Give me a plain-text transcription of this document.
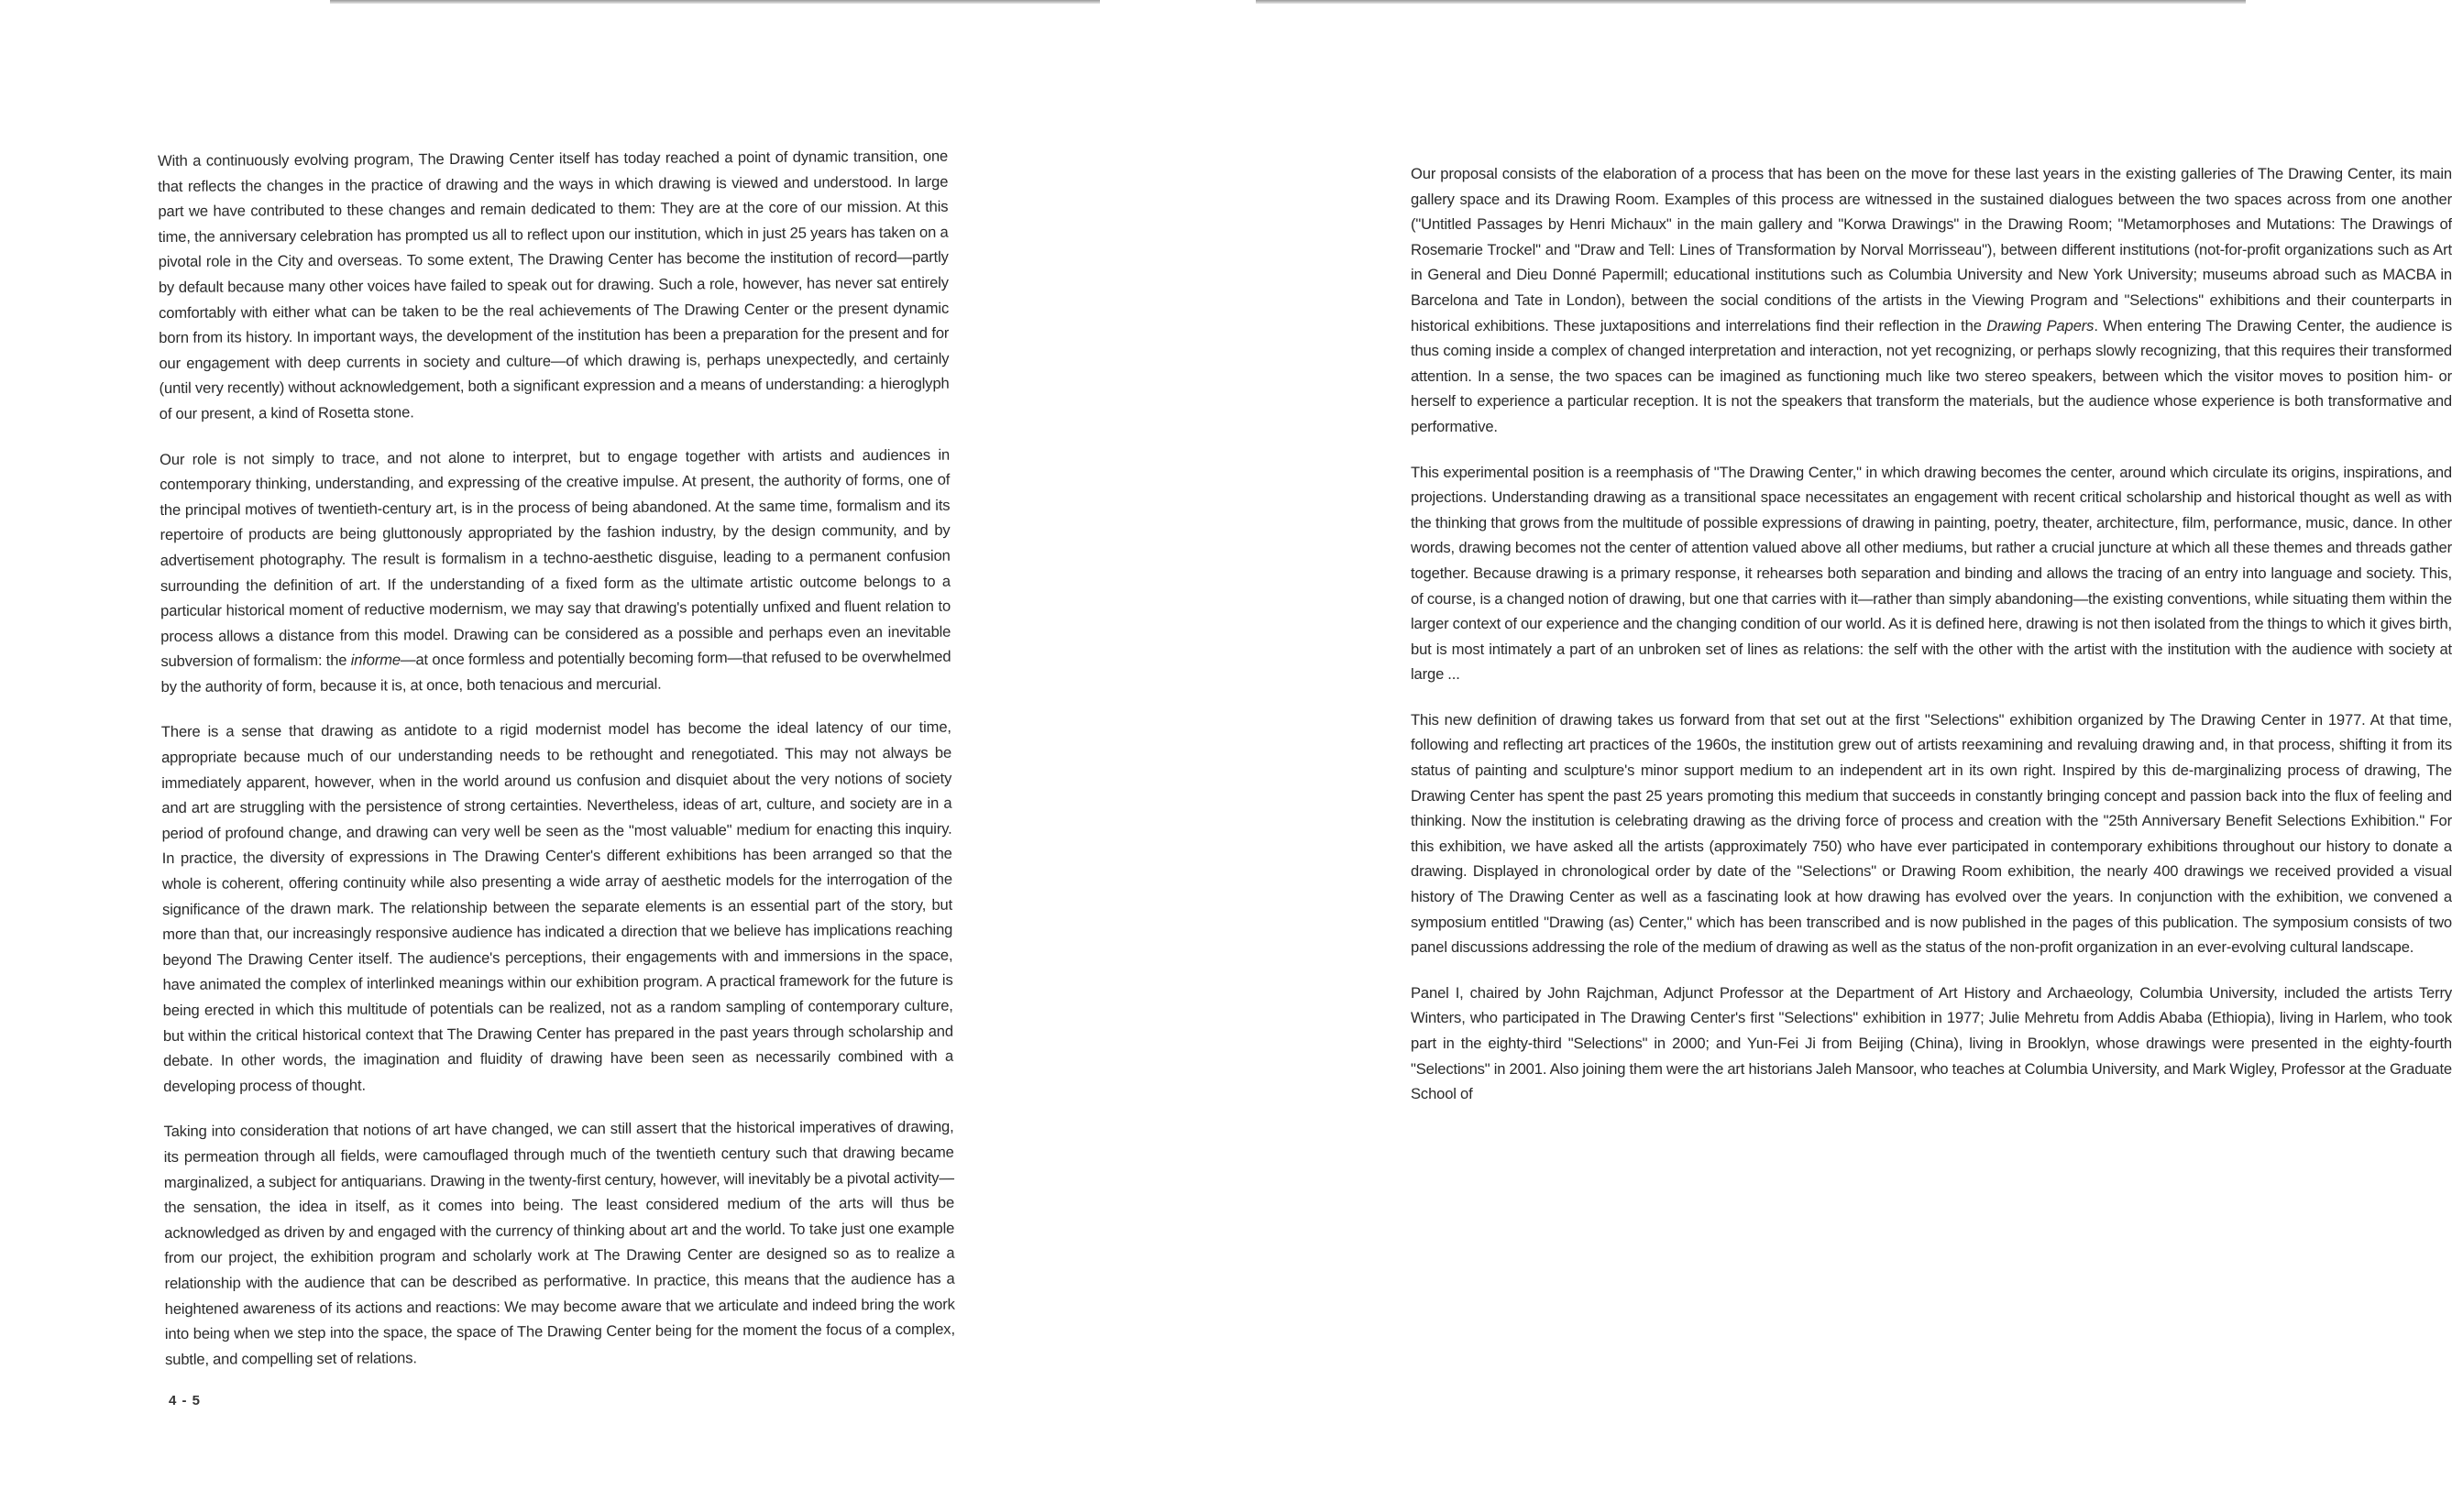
With a continuously evolving program, The Drawing Center itself has today reached a point of dynamic transition, one that reflects the changes in the practice of drawing and the ways in which drawing is viewed and understood. In large part we have contributed to these changes and remain dedicated to them: They are at the core of our mission. At this time, the anniversary celebration has prompted us all to reflect upon our institution, which in just 25 years has taken on a pivotal role in the City and overseas. To some extent, The Drawing Center has become the institution of record—partly by default because many other voices have failed to speak out for drawing. Such a role, however, has never sat entirely comfortably with either what can be taken to be the real achievements of The Drawing Center or the present dynamic born from its history. In important ways, the development of the institution has been a preparation for the present and for our engagement with deep currents in society and culture—of which drawing is, perhaps unexpectedly, and certainly (until very recently) without acknowledgement, both a significant expression and a means of understanding: a hieroglyph of our present, a kind of Rosetta stone.

Our role is not simply to trace, and not alone to interpret, but to engage together with artists and audiences in contemporary thinking, understanding, and expressing of the creative impulse. At present, the authority of forms, one of the principal motives of twentieth-century art, is in the process of being abandoned. At the same time, formalism and its repertoire of products are being gluttonously appropriated by the fashion industry, by the design community, and by advertisement photography. The result is formalism in a techno-aesthetic disguise, leading to a permanent confusion surrounding the definition of art. If the understanding of a fixed form as the ultimate artistic outcome belongs to a particular historical moment of reductive modernism, we may say that drawing's potentially unfixed and fluent relation to process allows a distance from this model. Drawing can be considered as a possible and perhaps even an inevitable subversion of formalism: the informe—at once formless and potentially becoming form—that refused to be overwhelmed by the authority of form, because it is, at once, both tenacious and mercurial.

There is a sense that drawing as antidote to a rigid modernist model has become the ideal latency of our time, appropriate because much of our understanding needs to be rethought and renegotiated. This may not always be immediately apparent, however, when in the world around us confusion and disquiet about the very notions of society and art are struggling with the persistence of strong certainties. Nevertheless, ideas of art, culture, and society are in a period of profound change, and drawing can very well be seen as the "most valuable" medium for enacting this inquiry. In practice, the diversity of expressions in The Drawing Center's different exhibitions has been arranged so that the whole is coherent, offering continuity while also presenting a wide array of aesthetic models for the interrogation of the significance of the drawn mark. The relationship between the separate elements is an essential part of the story, but more than that, our increasingly responsive audience has indicated a direction that we believe has implications reaching beyond The Drawing Center itself. The audience's perceptions, their engagements with and immersions in the space, have animated the complex of interlinked meanings within our exhibition program. A practical framework for the future is being erected in which this multitude of potentials can be realized, not as a random sampling of contemporary culture, but within the critical historical context that The Drawing Center has prepared in the past years through scholarship and debate. In other words, the imagination and fluidity of drawing have been seen as necessarily combined with a developing process of thought.

Taking into consideration that notions of art have changed, we can still assert that the historical imperatives of drawing, its permeation through all fields, were camouflaged through much of the twentieth century such that drawing became marginalized, a subject for antiquarians. Drawing in the twenty-first century, however, will inevitably be a pivotal activity—the sensation, the idea in itself, as it comes into being. The least considered medium of the arts will thus be acknowledged as driven by and engaged with the currency of thinking about art and the world. To take just one example from our project, the exhibition program and scholarly work at The Drawing Center are designed so as to realize a relationship with the audience that can be described as performative. In practice, this means that the audience has a heightened awareness of its actions and reactions: We may become aware that we articulate and indeed bring the work into being when we step into the space, the space of The Drawing Center being for the moment the focus of a complex, subtle, and compelling set of relations.

4 - 5

Our proposal consists of the elaboration of a process that has been on the move for these last years in the existing galleries of The Drawing Center, its main gallery space and its Drawing Room. Examples of this process are witnessed in the sustained dialogues between the two spaces across from one another ("Untitled Passages by Henri Michaux" in the main gallery and "Korwa Drawings" in the Drawing Room; "Metamorphoses and Mutations: The Drawings of Rosemarie Trockel" and "Draw and Tell: Lines of Transformation by Norval Morrisseau"), between different institutions (not-for-profit organizations such as Art in General and Dieu Donné Papermill; educational institutions such as Columbia University and New York University; museums abroad such as MACBA in Barcelona and Tate in London), between the social conditions of the artists in the Viewing Program and "Selections" exhibitions and their counterparts in historical exhibitions. These juxtapositions and interrelations find their reflection in the Drawing Papers. When entering The Drawing Center, the audience is thus coming inside a complex of changed interpretation and interaction, not yet recognizing, or perhaps slowly recognizing, that this requires their transformed attention. In a sense, the two spaces can be imagined as functioning much like two stereo speakers, between which the visitor moves to position him- or herself to experience a particular reception. It is not the speakers that transform the materials, but the audience whose experience is both transformative and performative.

This experimental position is a reemphasis of "The Drawing Center," in which drawing becomes the center, around which circulate its origins, inspirations, and projections. Understanding drawing as a transitional space necessitates an engagement with recent critical scholarship and historical thought as well as with the thinking that grows from the multitude of possible expressions of drawing in painting, poetry, theater, architecture, film, performance, music, dance. In other words, drawing becomes not the center of attention valued above all other mediums, but rather a crucial juncture at which all these themes and threads gather together. Because drawing is a primary response, it rehearses both separation and binding and allows the tracing of an entry into language and society. This, of course, is a changed notion of drawing, but one that carries with it—rather than simply abandoning—the existing conventions, while situating them within the larger context of our experience and the changing condition of our world. As it is defined here, drawing is not then isolated from the things to which it gives birth, but is most intimately a part of an unbroken set of lines as relations: the self with the other with the artist with the institution with the audience with society at large ...

This new definition of drawing takes us forward from that set out at the first "Selections" exhibition organized by The Drawing Center in 1977. At that time, following and reflecting art practices of the 1960s, the institution grew out of artists reexamining and revaluing drawing and, in that process, shifting it from its status of painting and sculpture's minor support medium to an independent art in its own right. Inspired by this de-marginalizing process of drawing, The Drawing Center has spent the past 25 years promoting this medium that succeeds in constantly bringing concept and passion back into the flux of feeling and thinking. Now the institution is celebrating drawing as the driving force of process and creation with the "25th Anniversary Benefit Selections Exhibition." For this exhibition, we have asked all the artists (approximately 750) who have ever participated in contemporary exhibitions throughout our history to donate a drawing. Displayed in chronological order by date of the "Selections" or Drawing Room exhibition, the nearly 400 drawings we received provided a visual history of The Drawing Center as well as a fascinating look at how drawing has evolved over the years. In conjunction with the exhibition, we convened a symposium entitled "Drawing (as) Center," which has been transcribed and is now published in the pages of this publication. The symposium consists of two panel discussions addressing the role of the medium of drawing as well as the status of the non-profit organization in an ever-evolving cultural landscape.

Panel I, chaired by John Rajchman, Adjunct Professor at the Department of Art History and Archaeology, Columbia University, included the artists Terry Winters, who participated in The Drawing Center's first "Selections" exhibition in 1977; Julie Mehretu from Addis Ababa (Ethiopia), living in Harlem, who took part in the eighty-third "Selections" in 2000; and Yun-Fei Ji from Beijing (China), living in Brooklyn, whose drawings were presented in the eighty-fourth "Selections" in 2001. Also joining them were the art historians Jaleh Mansoor, who teaches at Columbia University, and Mark Wigley, Professor at the Graduate School of
